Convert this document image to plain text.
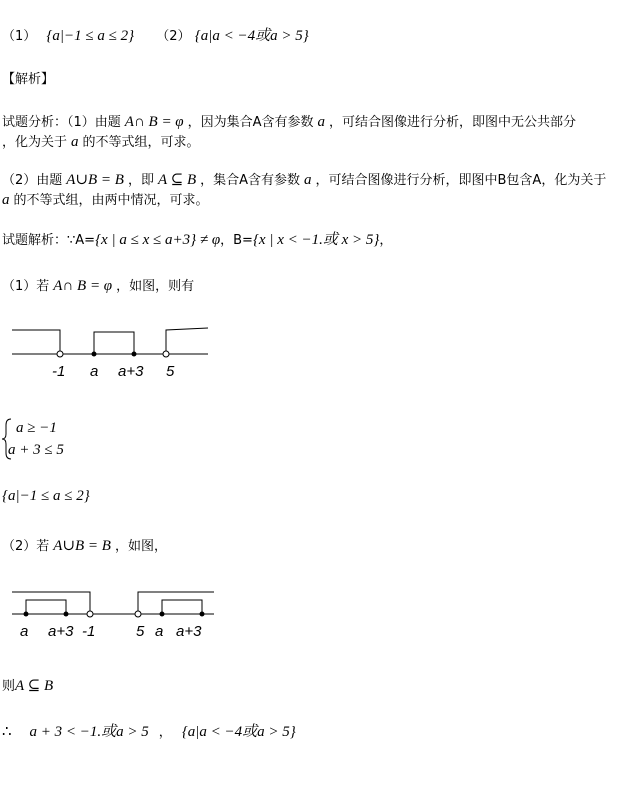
（1） {a|−1 ≤ a ≤ 2} （2） {a|a < −4或a > 5}
【解析】
试题分析：（1）由题 A∩ B = φ ，因为集合A含有参数 a ，可结合图像进行分析，即图中无公共部分
，化为关于 a 的不等式组，可求。
（2）由题 A∪B = B ，即 A ⊆ B ，集合A含有参数 a ，可结合图像进行分析，即图中B包含A，化为关于
a 的不等式组，由两中情况，可求。
试题解析：∵A={x | a ≤ x ≤ a+3} ≠ φ，B={x | x < −1.或 x > 5}，
（1）若 A∩ B = φ ，如图，则有
-1 a a+3 5
a ≥ −1
a + 3 ≤ 5
{a|−1 ≤ a ≤ 2}
（2）若 A∪B = B ，如图，
a a+3 -1	5 a a+3
则A ⊆ B
∴ a + 3 < −1.或a > 5 ， {a|a < −4或a > 5}
